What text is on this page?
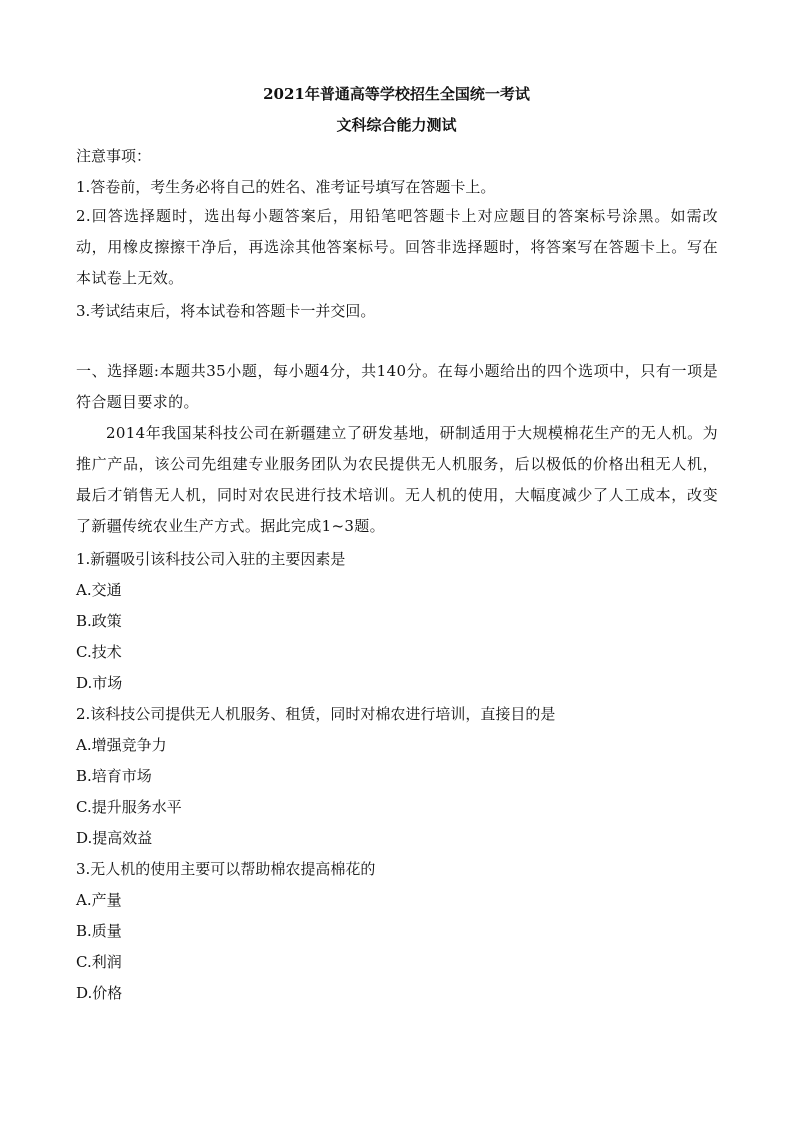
2021年普通高等学校招生全国统一考试
文科综合能力测试
注意事项：
1.答卷前，考生务必将自己的姓名、准考证号填写在答题卡上。
2.回答选择题时，选出每小题答案后，用铅笔吧答题卡上对应题目的答案标号涂黑。如需改动，用橡皮擦擦干净后，再选涂其他答案标号。回答非选择题时，将答案写在答题卡上。写在本试卷上无效。
3.考试结束后，将本试卷和答题卡一并交回。
一、选择题:本题共35小题，每小题4分，共140分。在每小题给出的四个选项中，只有一项是符合题目要求的。
2014年我国某科技公司在新疆建立了研发基地，研制适用于大规模棉花生产的无人机。为推广产品，该公司先组建专业服务团队为农民提供无人机服务，后以极低的价格出租无人机，最后才销售无人机，同时对农民进行技术培训。无人机的使用，大幅度减少了人工成本，改变了新疆传统农业生产方式。据此完成1~3题。
1.新疆吸引该科技公司入驻的主要因素是
A.交通
B.政策
C.技术
D.市场
2.该科技公司提供无人机服务、租赁，同时对棉农进行培训，直接目的是
A.增强竞争力
B.培育市场
C.提升服务水平
D.提高效益
3.无人机的使用主要可以帮助棉农提高棉花的
A.产量
B.质量
C.利润
D.价格
